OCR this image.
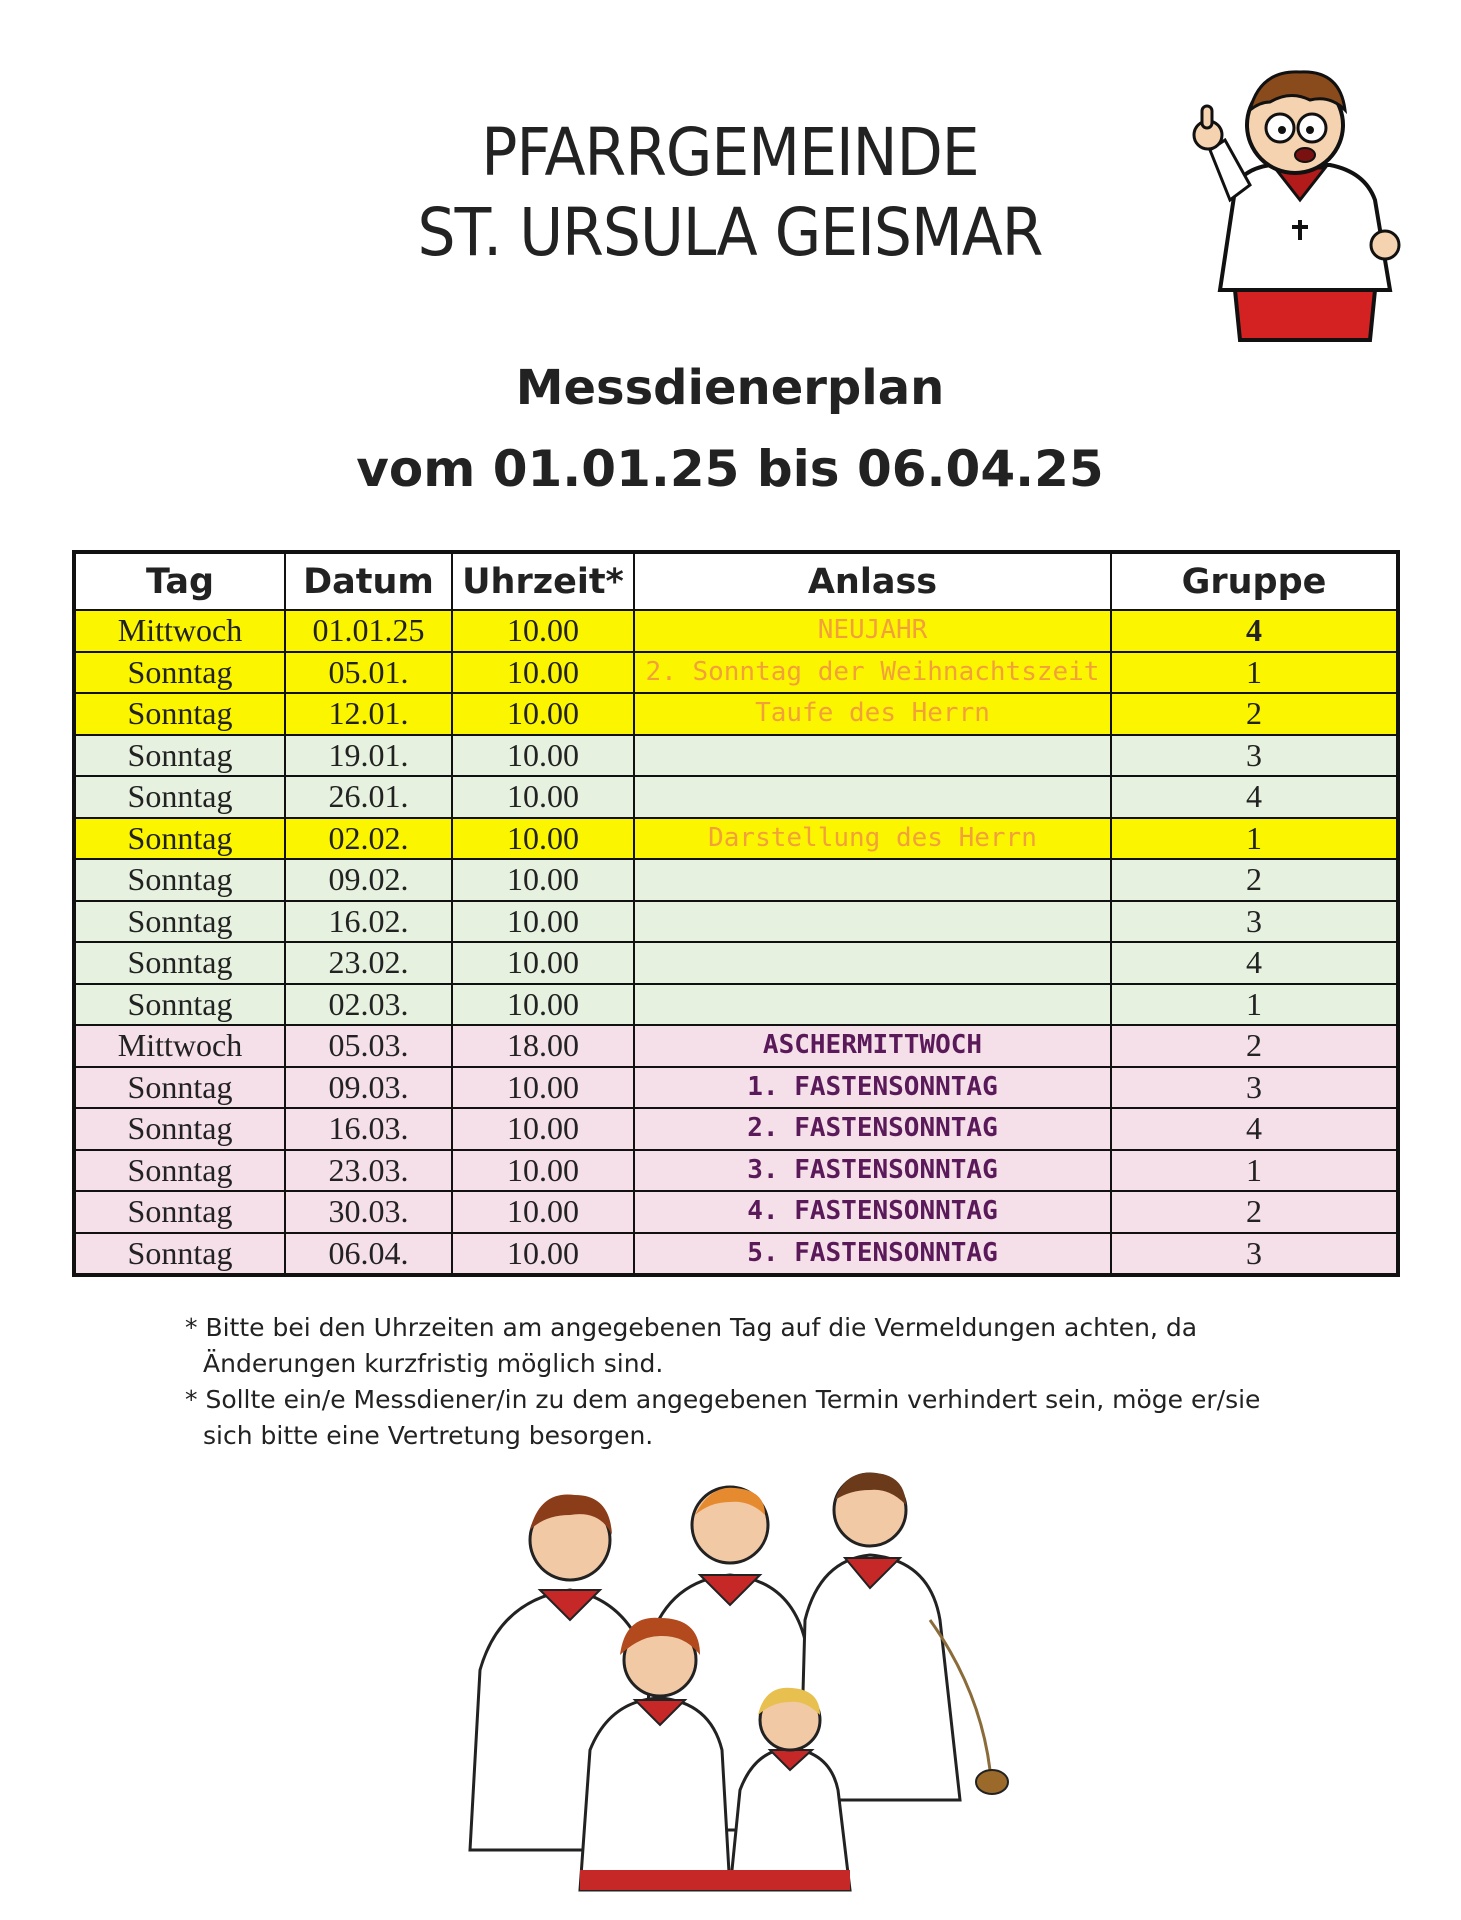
PFARRGEMEINDE
ST. URSULA GEISMAR
Messdienerplan
vom 01.01.25 bis 06.04.25
Tag	Datum	Uhrzeit*	Anlass	Gruppe
Mittwoch	01.01.25	10.00	NEUJAHR	4
Sonntag	05.01.	10.00	2. Sonntag der Weihnachtszeit	1
Sonntag	12.01.	10.00	Taufe des Herrn	2
Sonntag	19.01.	10.00		3
Sonntag	26.01.	10.00		4
Sonntag	02.02.	10.00	Darstellung des Herrn	1
Sonntag	09.02.	10.00		2
Sonntag	16.02.	10.00		3
Sonntag	23.02.	10.00		4
Sonntag	02.03.	10.00		1
Mittwoch	05.03.	18.00	ASCHERMITTWOCH	2
Sonntag	09.03.	10.00	1. FASTENSONNTAG	3
Sonntag	16.03.	10.00	2. FASTENSONNTAG	4
Sonntag	23.03.	10.00	3. FASTENSONNTAG	1
Sonntag	30.03.	10.00	4. FASTENSONNTAG	2
Sonntag	06.04.	10.00	5. FASTENSONNTAG	3
* Bitte bei den Uhrzeiten am angegebenen Tag auf die Vermeldungen achten, da Änderungen kurzfristig möglich sind.
* Sollte ein/e Messdiener/in zu dem angegebenen Termin verhindert sein, möge er/sie sich bitte eine Vertretung besorgen.
